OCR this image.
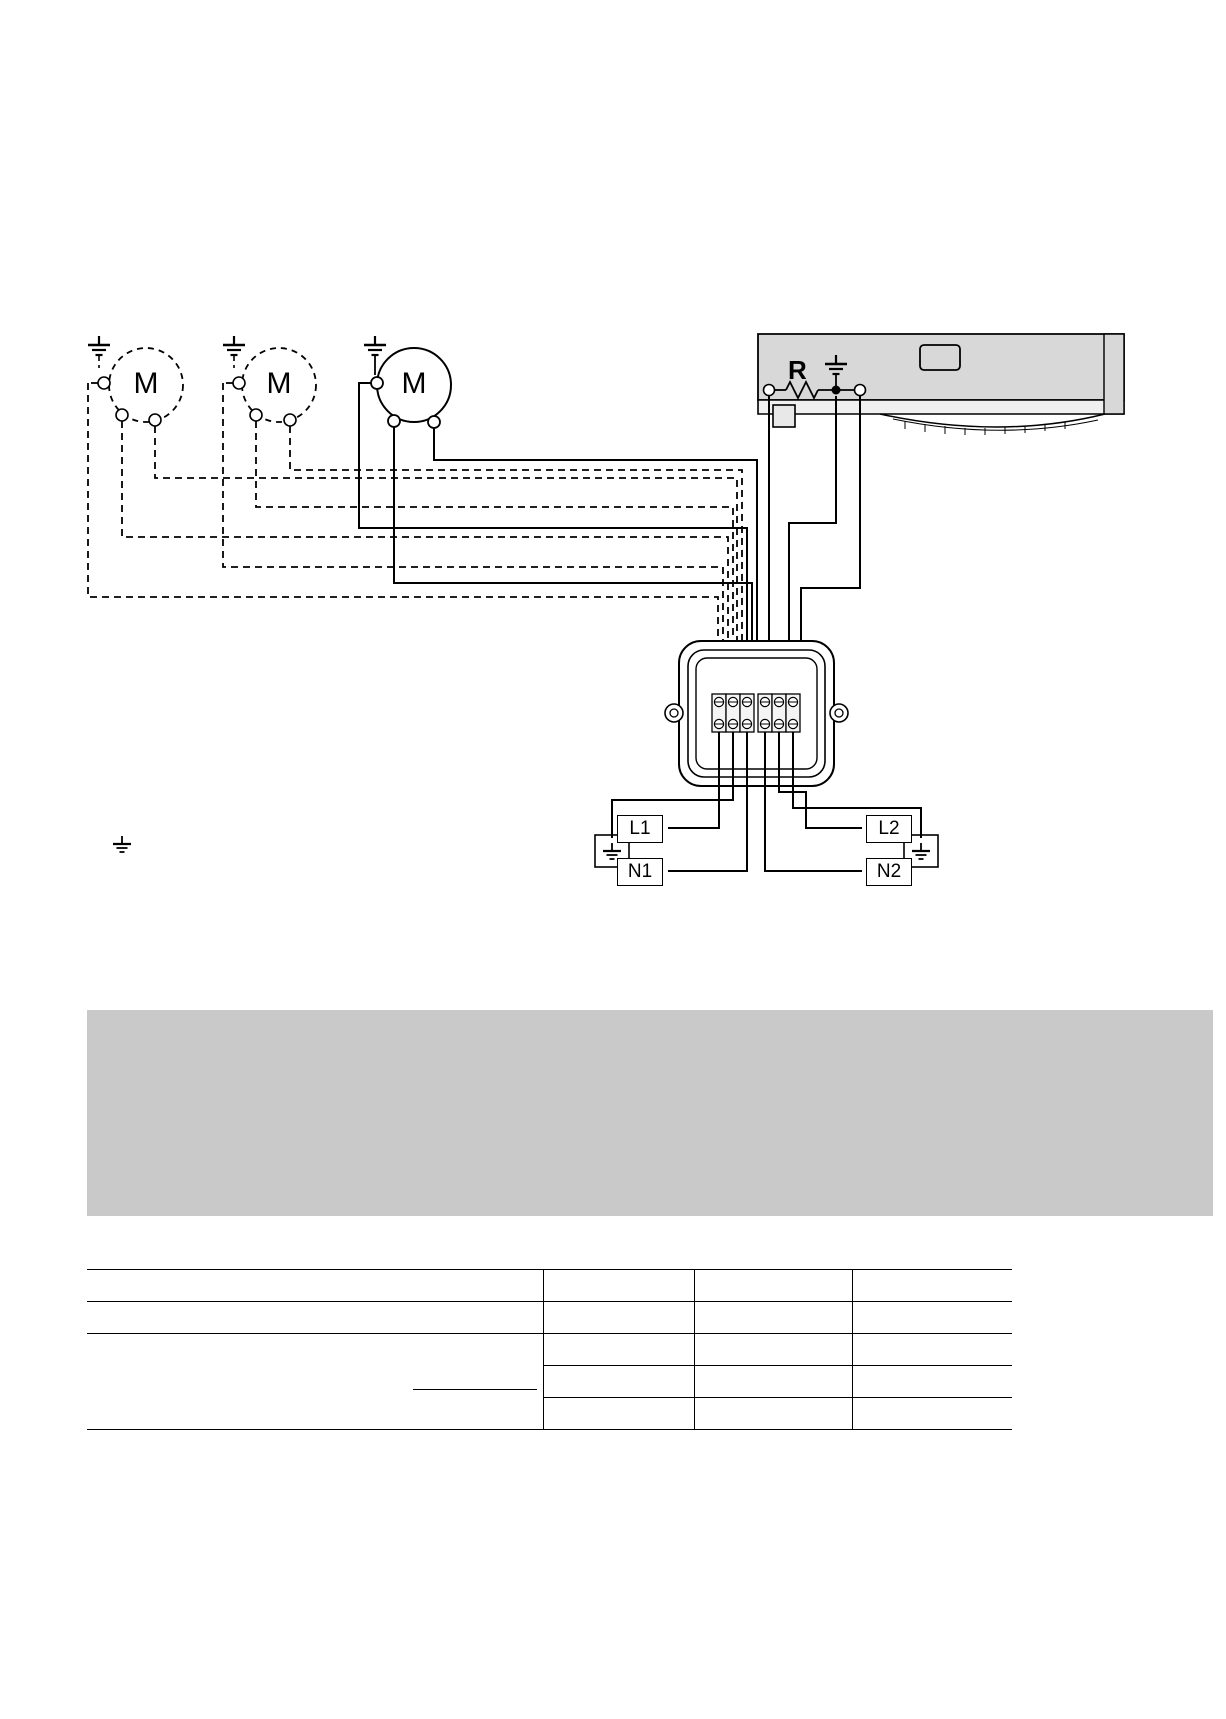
M	M	M	R
L1
N1
L2
N2
